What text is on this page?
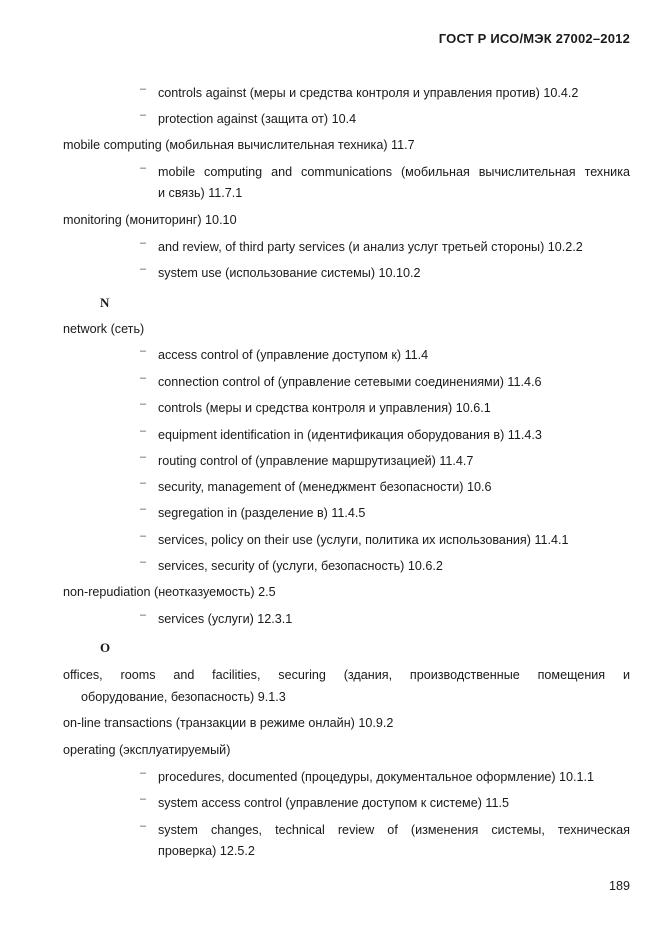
ГОСТ Р ИСО/МЭК 27002–2012
– controls against (меры и средства контроля и управления против) 10.4.2
– protection against (защита от) 10.4
mobile computing (мобильная вычислительная техника) 11.7
– mobile computing and communications (мобильная вычислительная техника
и связь) 11.7.1
monitoring (мониторинг) 10.10
– and review, of third party services (и анализ услуг третьей стороны) 10.2.2
– system use (использование системы) 10.10.2
N
network (сеть)
– access control of (управление доступом к) 11.4
– connection control of (управление сетевыми соединениями) 11.4.6
– controls (меры и средства контроля и управления) 10.6.1
– equipment identification in (идентификация оборудования в) 11.4.3
– routing control of (управление маршрутизацией) 11.4.7
– security, management of (менеджмент безопасности) 10.6
– segregation in (разделение в) 11.4.5
– services, policy on their use (услуги, политика их использования) 11.4.1
– services, security of (услуги, безопасность) 10.6.2
non-repudiation (неотказуемость) 2.5
– services (услуги) 12.3.1
O
offices, rooms and facilities, securing (здания, производственные помещения и
оборудование, безопасность) 9.1.3
on-line transactions (транзакции в режиме онлайн) 10.9.2
operating (эксплуатируемый)
– procedures, documented (процедуры, документальное оформление) 10.1.1
– system access control (управление доступом к системе) 11.5
– system changes, technical review of (изменения системы, техническая
проверка) 12.5.2
189
